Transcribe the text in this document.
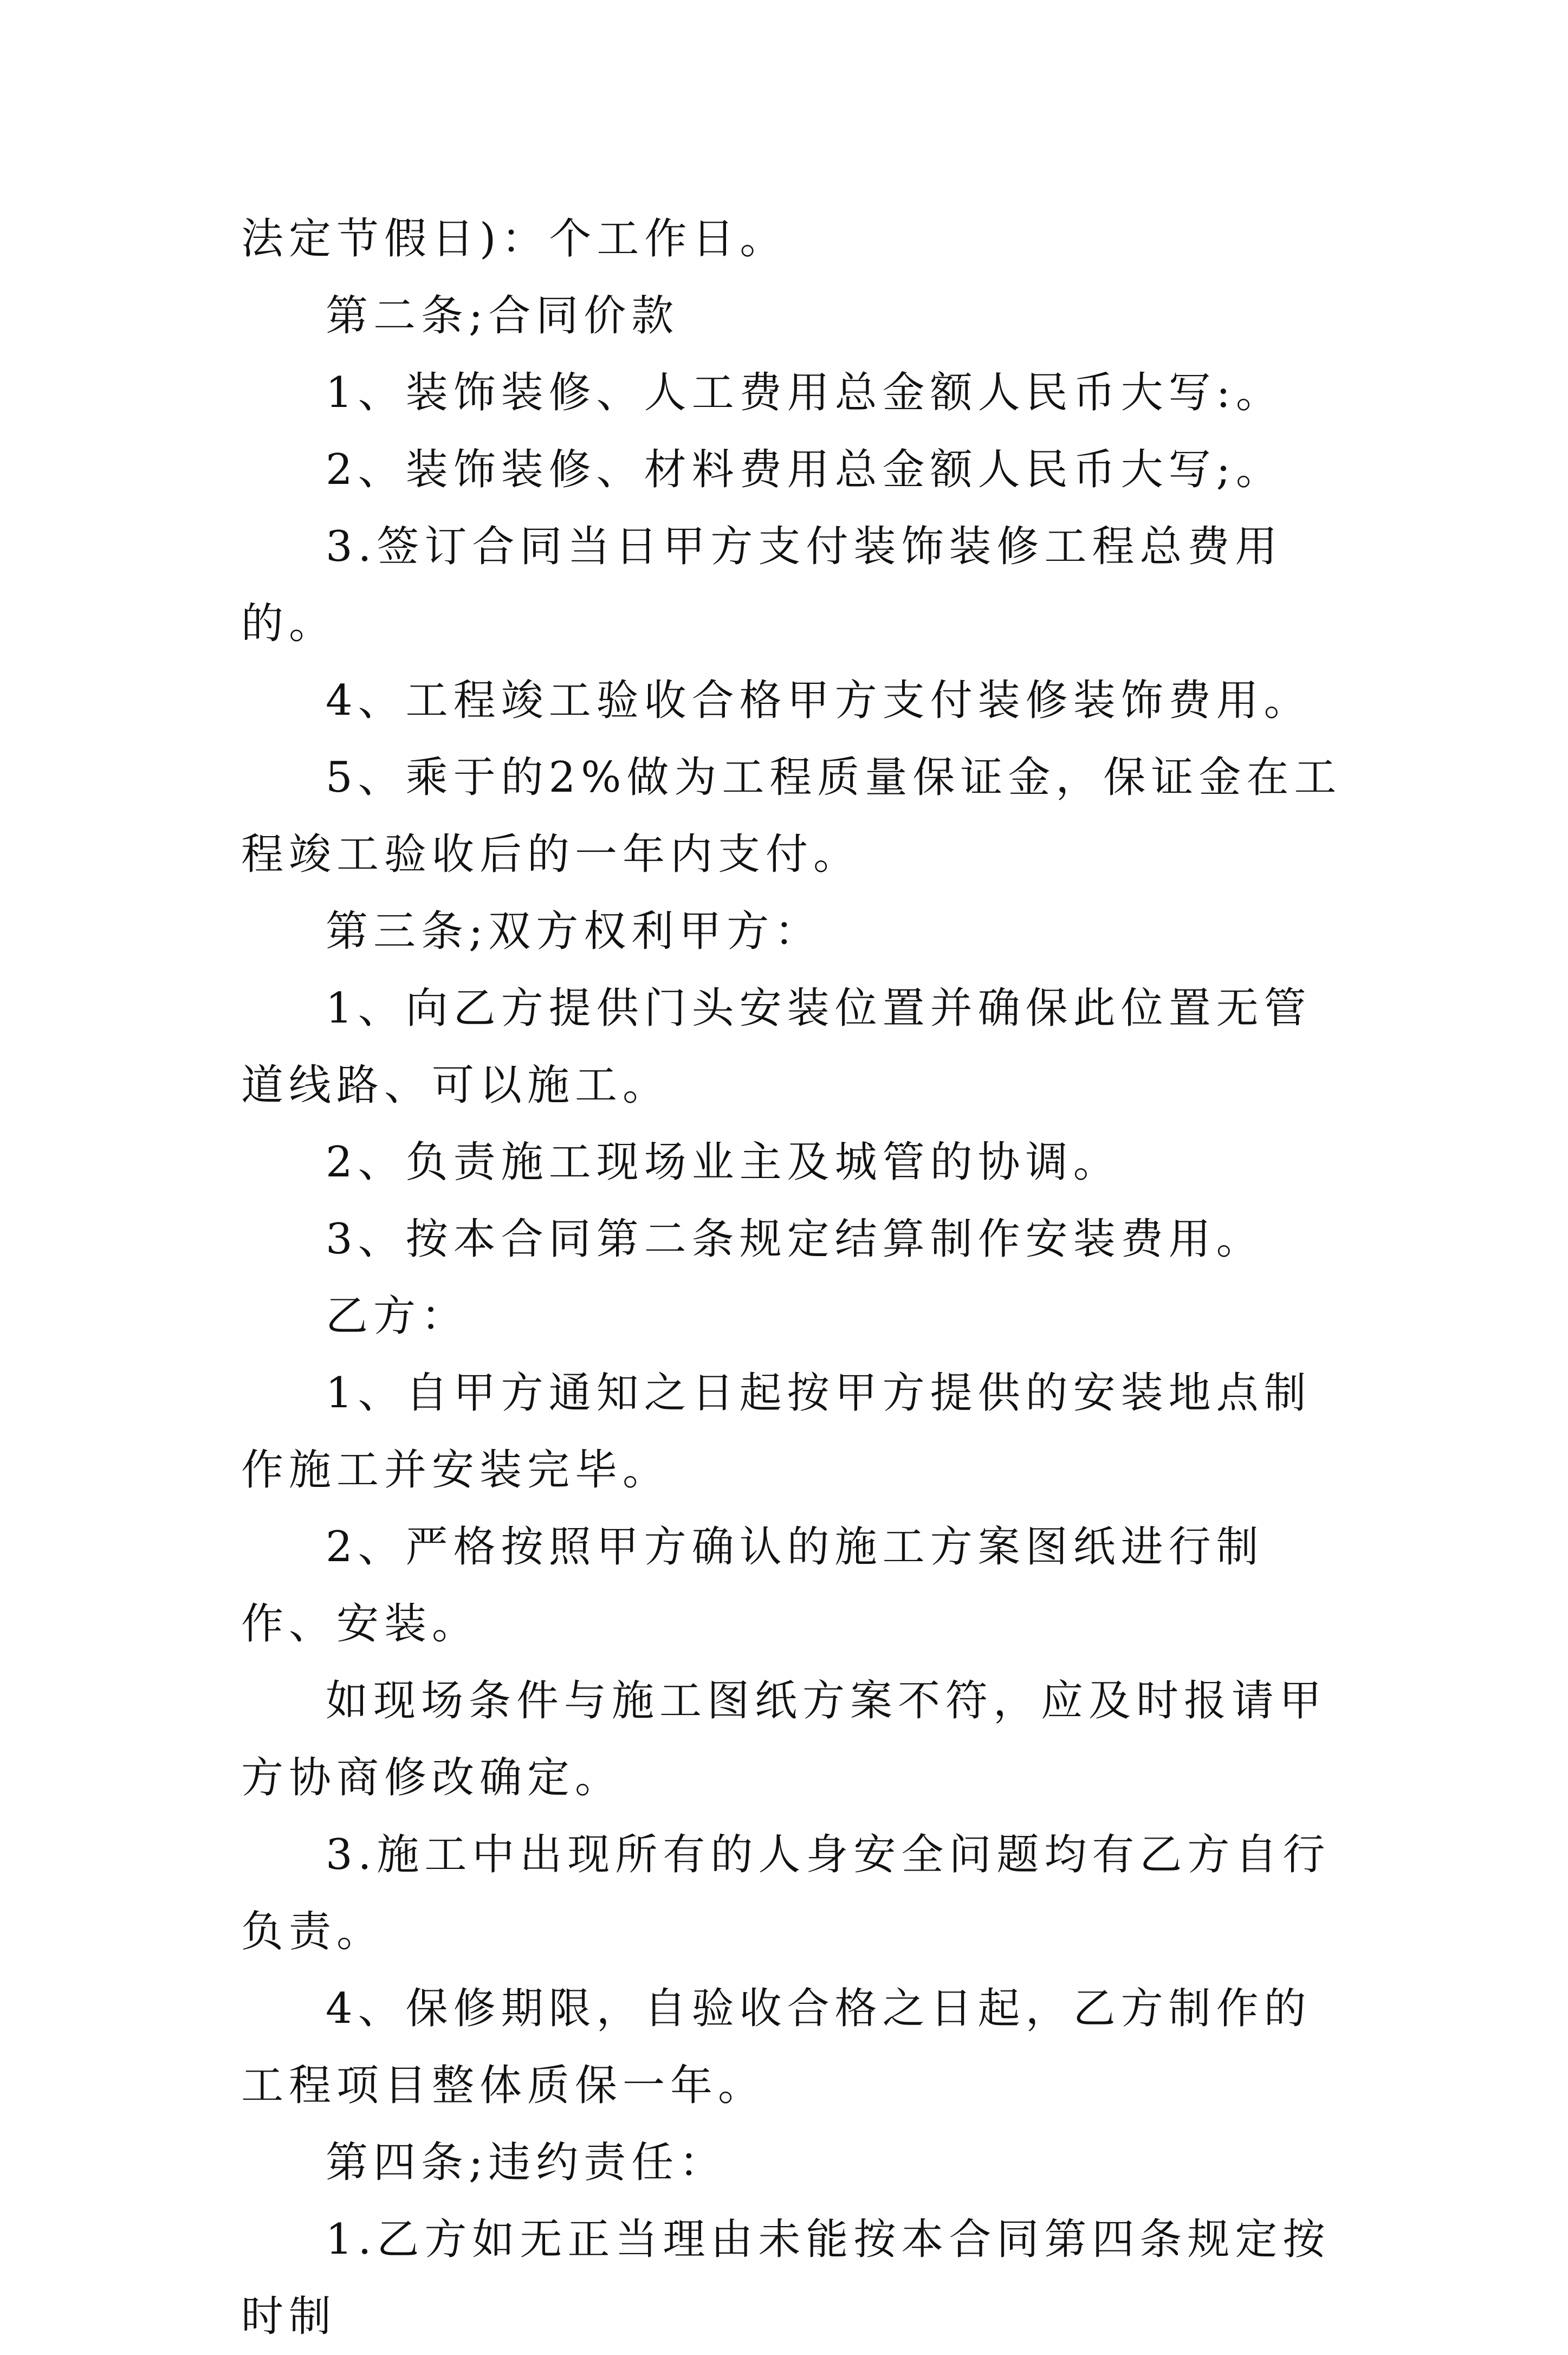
法定节假日)：个工作日。

第二条;合同价款

1、装饰装修、人工费用总金额人民币大写:。

2、装饰装修、材料费用总金额人民币大写;。

3.签订合同当日甲方支付装饰装修工程总费用的。

4、工程竣工验收合格甲方支付装修装饰费用。

5、乘于的2%做为工程质量保证金，保证金在工程竣工验收后的一年内支付。

第三条;双方权利甲方：

1、向乙方提供门头安装位置并确保此位置无管道线路、可以施工。

2、负责施工现场业主及城管的协调。

3、按本合同第二条规定结算制作安装费用。

乙方：

1、自甲方通知之日起按甲方提供的安装地点制作施工并安装完毕。

2、严格按照甲方确认的施工方案图纸进行制作、安装。

如现场条件与施工图纸方案不符，应及时报请甲方协商修改确定。

3.施工中出现所有的人身安全问题均有乙方自行负责。

4、保修期限，自验收合格之日起，乙方制作的工程项目整体质保一年。

第四条;违约责任：

1.乙方如无正当理由未能按本合同第四条规定按时制
